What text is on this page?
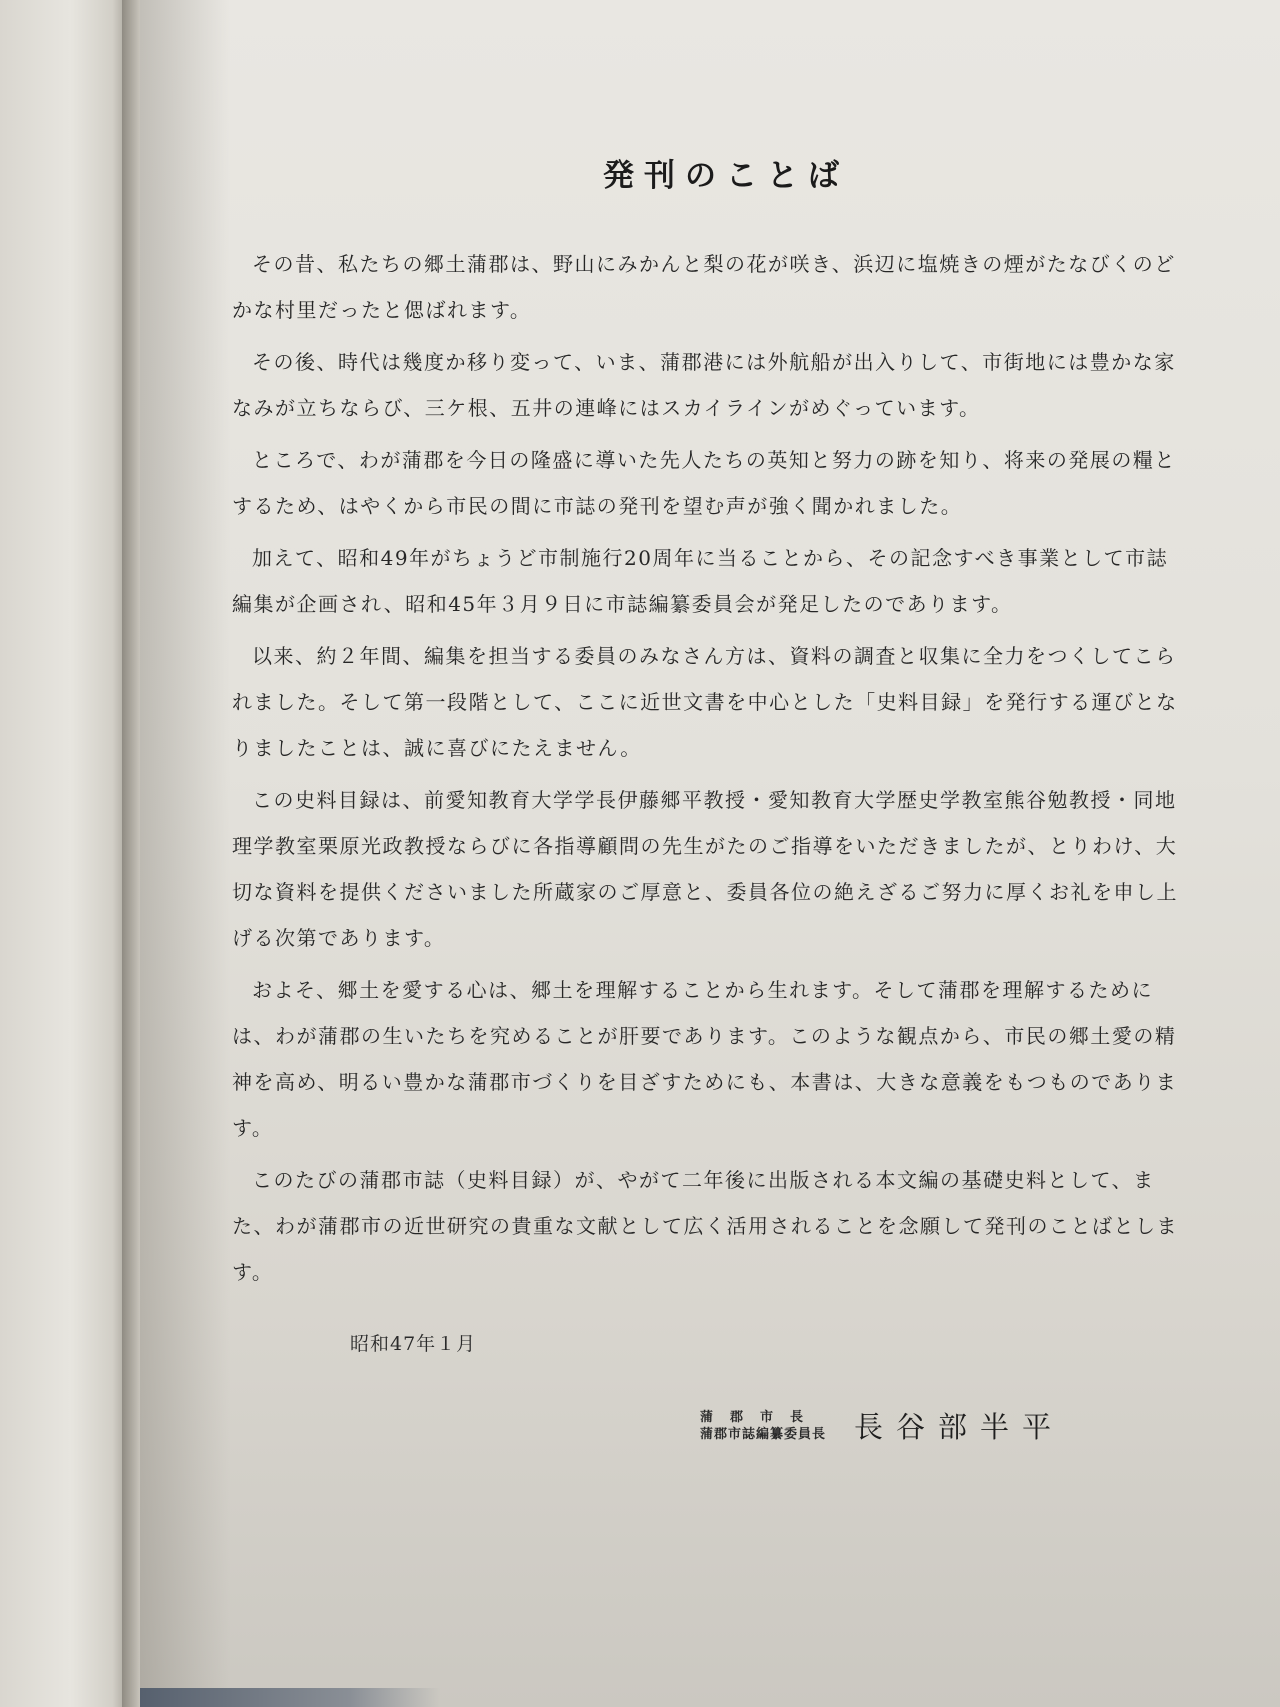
発刊のことば

その昔、私たちの郷土蒲郡は、野山にみかんと梨の花が咲き、浜辺に塩焼きの煙がたなびくのどかな村里だったと偲ばれます。

その後、時代は幾度か移り変って、いま、蒲郡港には外航船が出入りして、市街地には豊かな家なみが立ちならび、三ケ根、五井の連峰にはスカイラインがめぐっています。

ところで、わが蒲郡を今日の隆盛に導いた先人たちの英知と努力の跡を知り、将来の発展の糧とするため、はやくから市民の間に市誌の発刊を望む声が強く聞かれました。

加えて、昭和49年がちょうど市制施行20周年に当ることから、その記念すべき事業として市誌編集が企画され、昭和45年３月９日に市誌編纂委員会が発足したのであります。

以来、約２年間、編集を担当する委員のみなさん方は、資料の調査と収集に全力をつくしてこられました。そして第一段階として、ここに近世文書を中心とした「史料目録」を発行する運びとなりましたことは、誠に喜びにたえません。

この史料目録は、前愛知教育大学学長伊藤郷平教授・愛知教育大学歴史学教室熊谷勉教授・同地理学教室栗原光政教授ならびに各指導顧問の先生がたのご指導をいただきましたが、とりわけ、大切な資料を提供くださいました所蔵家のご厚意と、委員各位の絶えざるご努力に厚くお礼を申し上げる次第であります。

およそ、郷土を愛する心は、郷土を理解することから生れます。そして蒲郡を理解するためには、わが蒲郡の生いたちを究めることが肝要であります。このような観点から、市民の郷土愛の精神を高め、明るい豊かな蒲郡市づくりを目ざすためにも、本書は、大きな意義をもつものであります。

このたびの蒲郡市誌（史料目録）が、やがて二年後に出版される本文編の基礎史料として、また、わが蒲郡市の近世研究の貴重な文献として広く活用されることを念願して発刊のことばとします。

昭和47年１月
蒲郡市長
蒲郡市誌編纂委員長 長谷部半平
